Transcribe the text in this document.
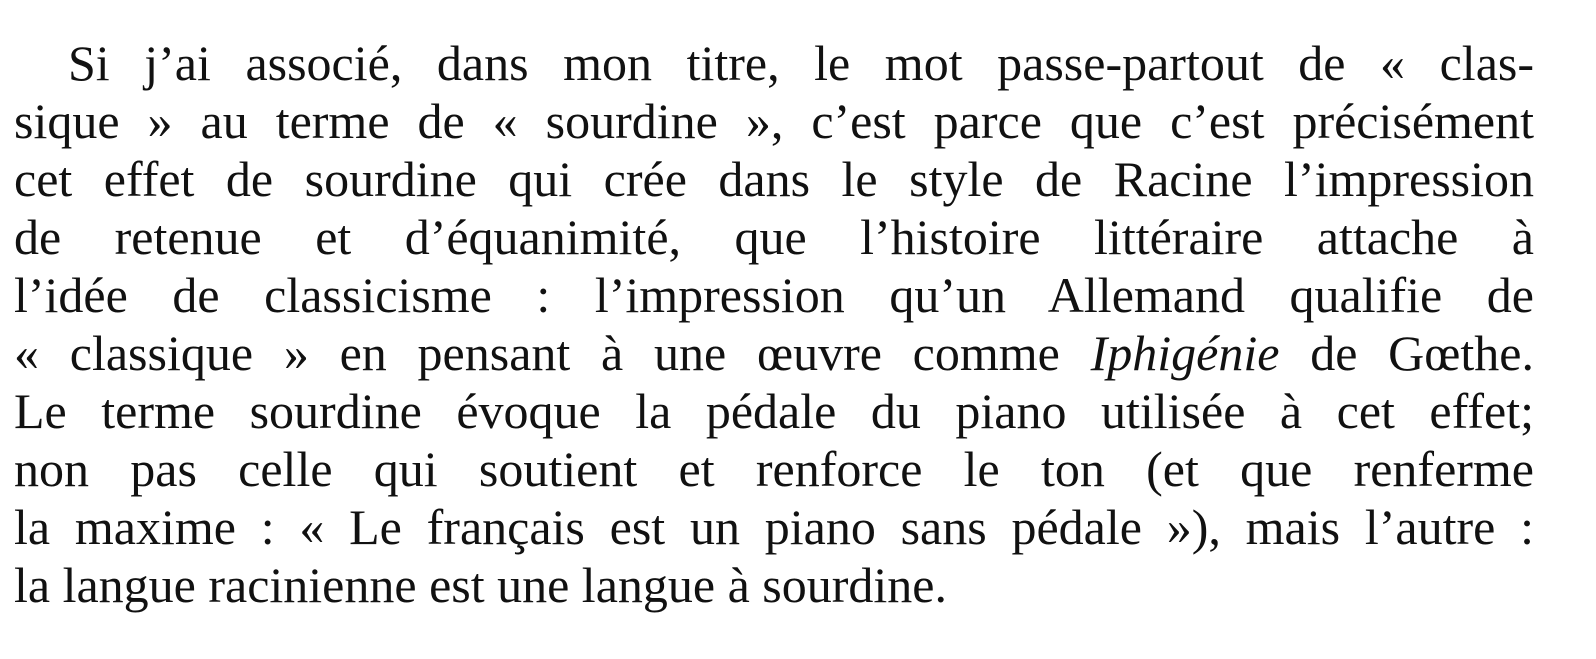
Si j’ai associé, dans mon titre, le mot passe-partout de « clas-
sique » au terme de « sourdine », c’est parce que c’est précisément
cet effet de sourdine qui crée dans le style de Racine l’impression
de retenue et d’équanimité, que l’histoire littéraire attache à
l’idée de classicisme : l’impression qu’un Allemand qualifie de
« classique » en pensant à une œuvre comme Iphigénie de Gœthe.
Le terme sourdine évoque la pédale du piano utilisée à cet effet;
non pas celle qui soutient et renforce le ton (et que renferme
la maxime : « Le français est un piano sans pédale »), mais l’autre :
la langue racinienne est une langue à sourdine.
